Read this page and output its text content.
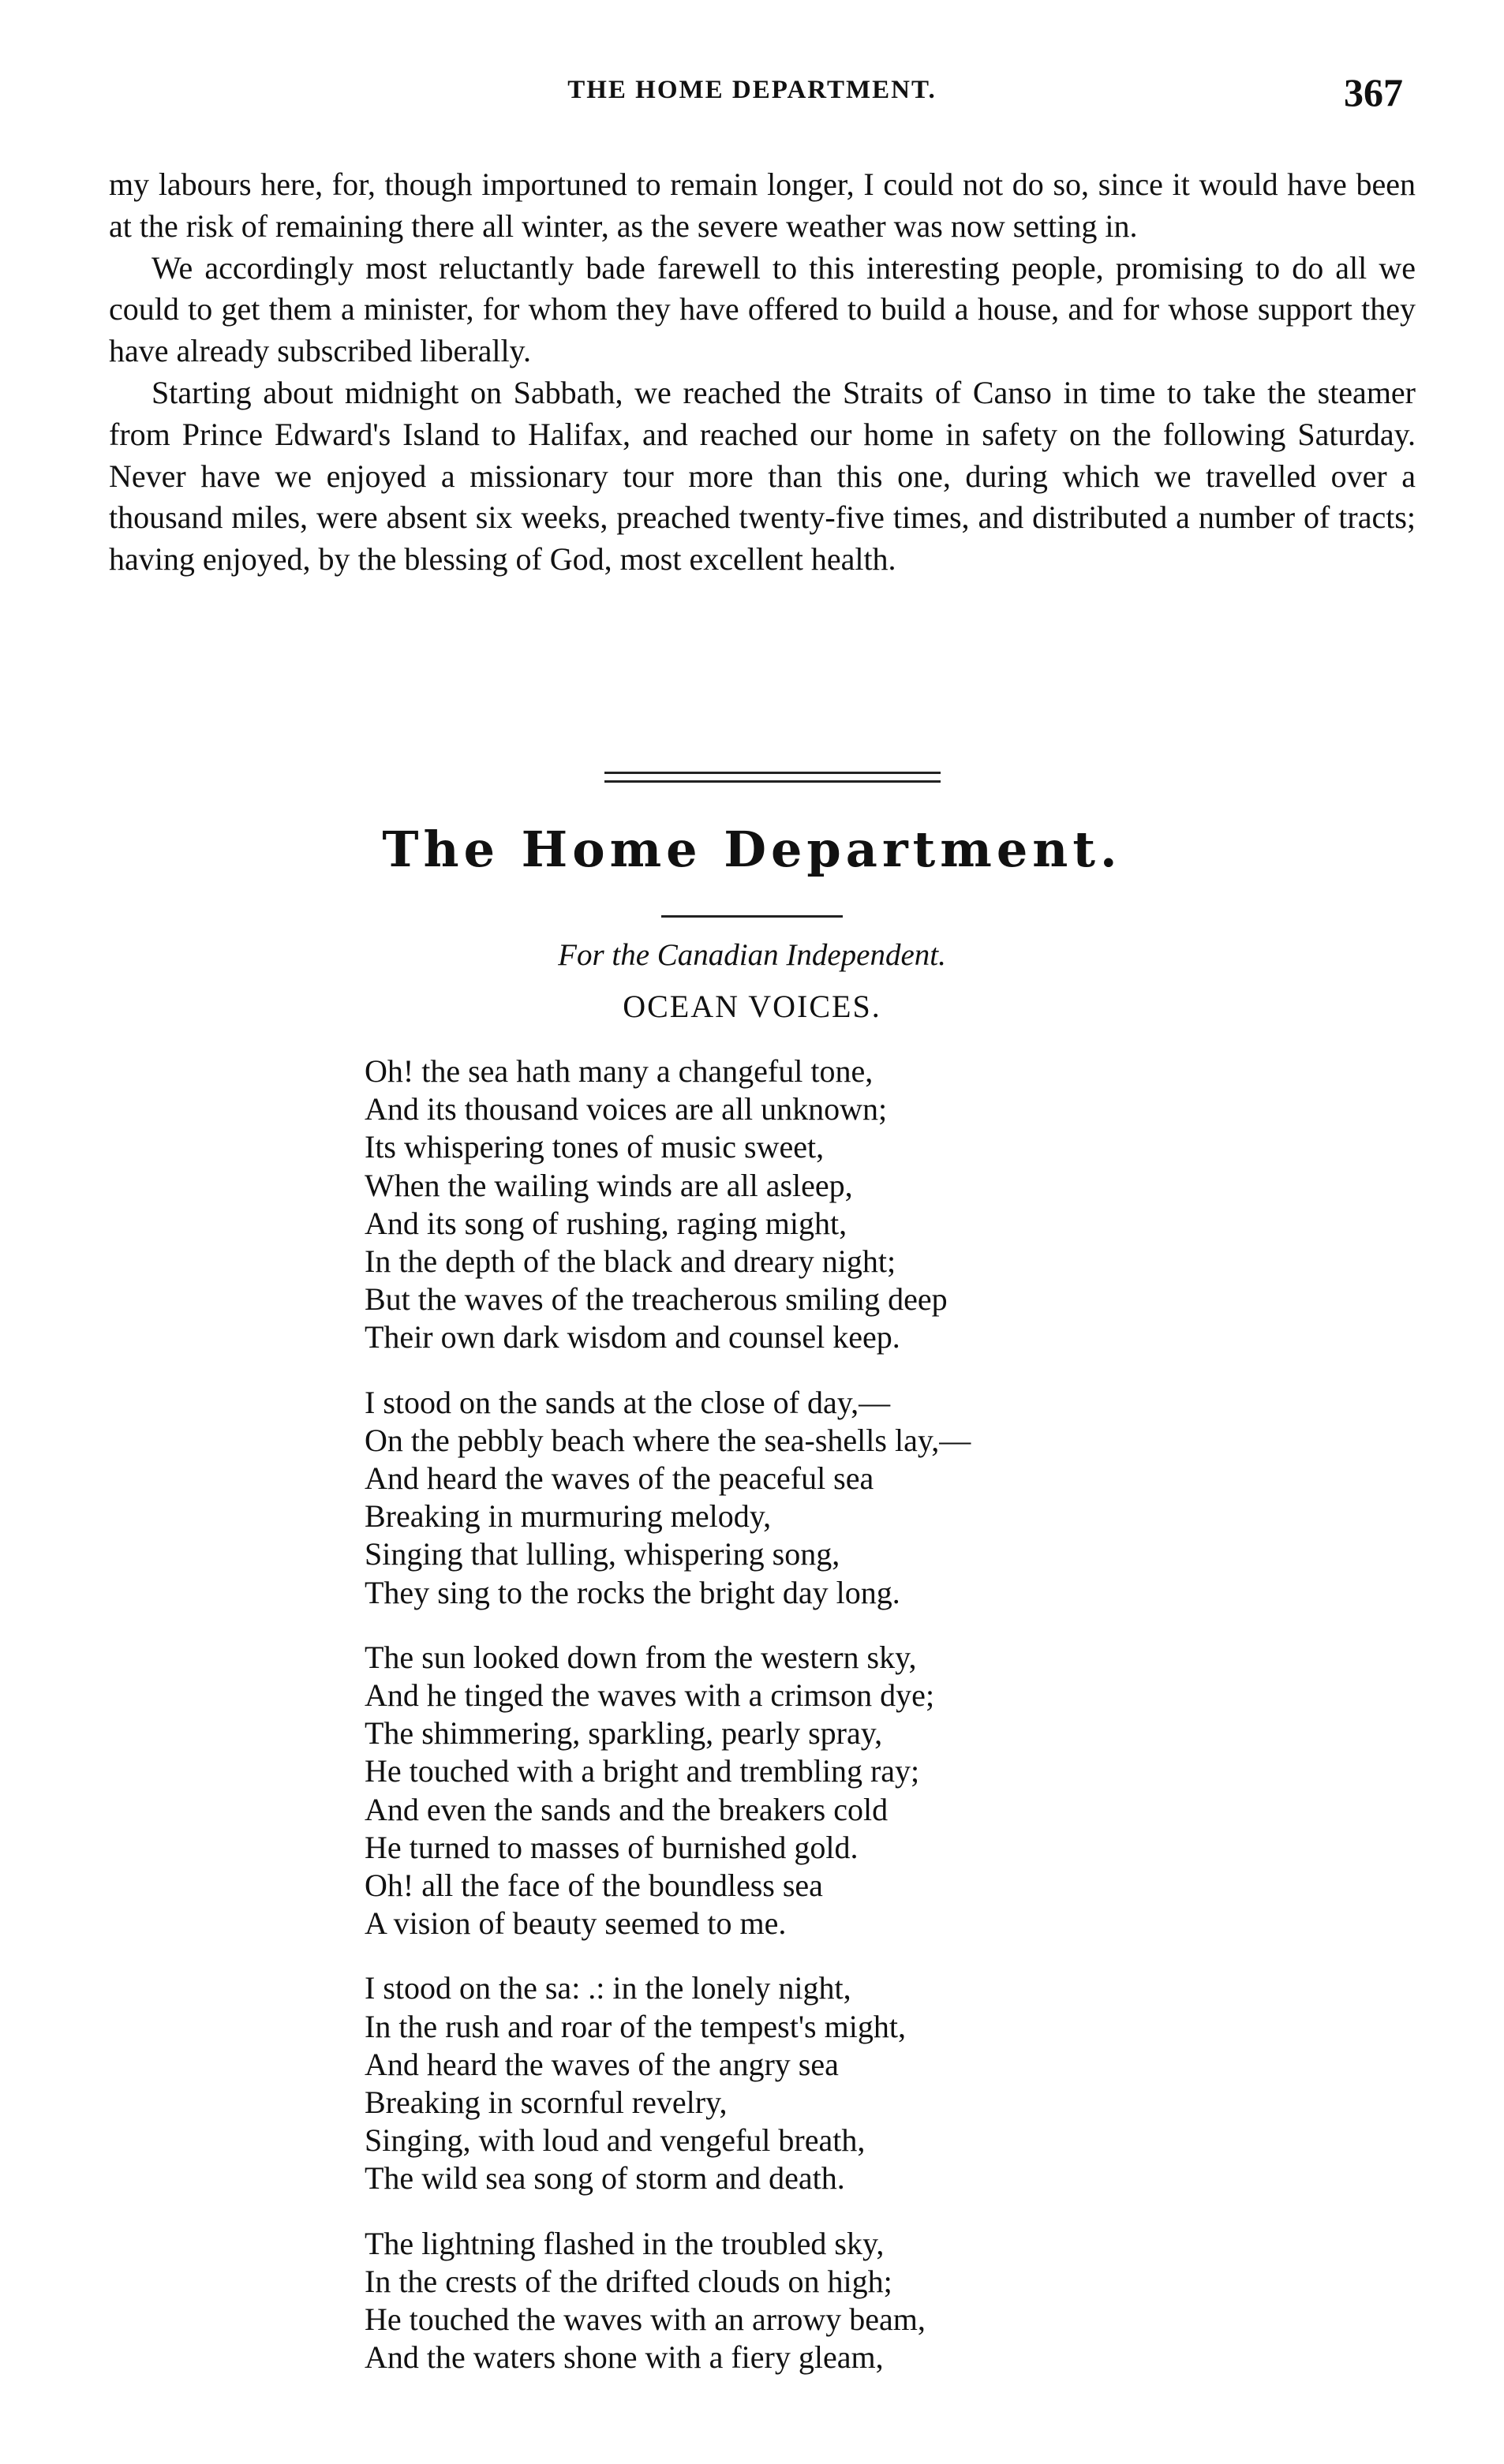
THE HOME DEPARTMENT.	367

my labours here, for, though importuned to remain longer, I could not do so, since it would have been at the risk of remaining there all winter, as the severe weather was now setting in.

We accordingly most reluctantly bade farewell to this interesting people, promising to do all we could to get them a minister, for whom they have offered to build a house, and for whose support they have already subscribed liberally.

Starting about midnight on Sabbath, we reached the Straits of Canso in time to take the steamer from Prince Edward's Island to Halifax, and reached our home in safety on the following Saturday. Never have we enjoyed a missionary tour more than this one, during which we travelled over a thousand miles, were absent six weeks, preached twenty-five times, and distributed a number of tracts; having enjoyed, by the blessing of God, most excellent health.

The Home Department.
For the Canadian Independent.
OCEAN VOICES.
Oh! the sea hath many a changeful tone,
And its thousand voices are all unknown;
Its whispering tones of music sweet,
When the wailing winds are all asleep,
And its song of rushing, raging might,
In the depth of the black and dreary night;
But the waves of the treacherous smiling deep
Their own dark wisdom and counsel keep.
I stood on the sands at the close of day,—
On the pebbly beach where the sea-shells lay,—
And heard the waves of the peaceful sea
Breaking in murmuring melody,
Singing that lulling, whispering song,
They sing to the rocks the bright day long.
The sun looked down from the western sky,
And he tinged the waves with a crimson dye;
The shimmering, sparkling, pearly spray,
He touched with a bright and trembling ray;
And even the sands and the breakers cold
He turned to masses of burnished gold.
Oh! all the face of the boundless sea
A vision of beauty seemed to me.
I stood on the sa: .: in the lonely night,
In the rush and roar of the tempest's might,
And heard the waves of the angry sea
Breaking in scornful revelry,
Singing, with loud and vengeful breath,
The wild sea song of storm and death.
The lightning flashed in the troubled sky,
In the crests of the drifted clouds on high;
He touched the waves with an arrowy beam,
And the waters shone with a fiery gleam,
